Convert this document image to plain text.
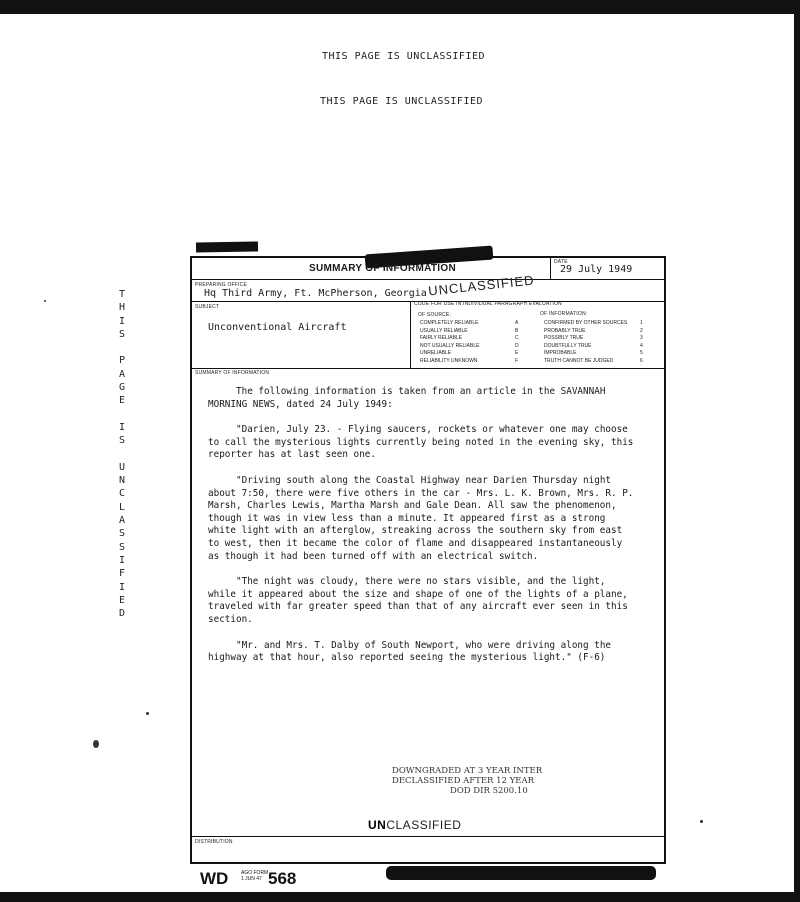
THIS PAGE IS UNCLASSIFIED
THIS PAGE IS UNCLASSIFIED
T
H
I
S

P
A
G
E

I
S

U
N
C
L
A
S
S
I
F
I
E
D
SUMMARY OF INFORMATION
DATE
29 July 1949
PREPARING OFFICE
Hq Third Army, Ft. McPherson, Georgia UNCLASSIFIED
SUBJECT
Unconventional Aircraft
CODE FOR USE IN INDIVIDUAL PARAGRAPH EVALUATION
OF SOURCE:	OF INFORMATION:
COMPLETELY RELIABLE	A
USUALLY RELIABLE	B
FAIRLY RELIABLE	C
NOT USUALLY RELIABLE	D
UNRELIABLE	E
RELIABILITY UNKNOWN	F
CONFIRMED BY OTHER SOURCES	1
PROBABLY TRUE	2
POSSIBLY TRUE	3
DOUBTFULLY TRUE	4
IMPROBABLE	5
TRUTH CANNOT BE JUDGED	6
SUMMARY OF INFORMATION

The following information is taken from an article in the SAVANNAH MORNING NEWS, dated 24 July 1949:

"Darien, July 23. - Flying saucers, rockets or whatever one may choose to call the mysterious lights currently being noted in the evening sky, this reporter has at last seen one.

"Driving south along the Coastal Highway near Darien Thursday night about 7:50, there were five others in the car - Mrs. L. K. Brown, Mrs. R. P. Marsh, Charles Lewis, Martha Marsh and Gale Dean. All saw the phenomenon, though it was in view less than a minute. It appeared first as a strong white light with an afterglow, streaking across the southern sky from east to west, then it became the color of flame and disappeared instantaneously as though it had been turned off with an electrical switch.

"The night was cloudy, there were no stars visible, and the light, while it appeared about the size and shape of one of the lights of a plane, traveled with far greater speed than that of any aircraft ever seen in this section.

"Mr. and Mrs. T. Dalby of South Newport, who were driving along the highway at that hour, also reported seeing the mysterious light." (F-6)

DOWNGRADED AT 3 YEAR INTER
DECLASSIFIED AFTER 12 YEAR
DOD DIR 5200.10
UNCLASSIFIED
DISTRIBUTION
WD	AGO FORM
1 JUN 47 568
